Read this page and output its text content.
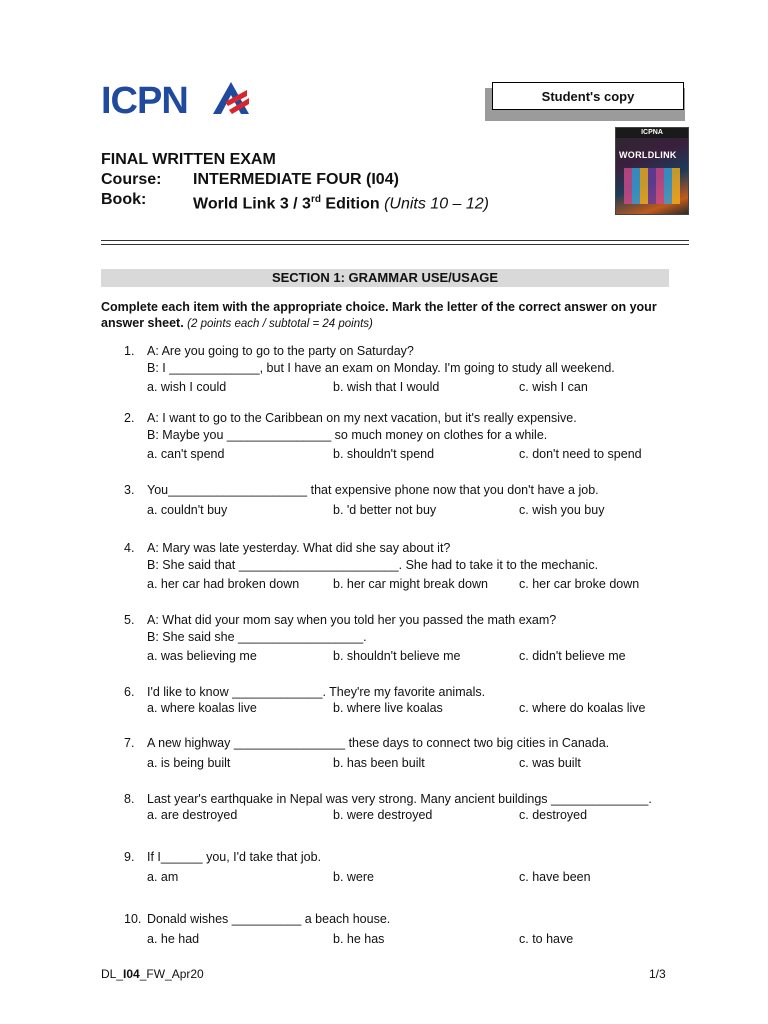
ICPN	Student's copy
ICPNA
WORLDLINK
FINAL WRITTEN EXAM
Course:	INTERMEDIATE FOUR (I04)
Book:	World Link 3 / 3rd Edition (Units 10 – 12)
SECTION 1: GRAMMAR USE/USAGE
Complete each item with the appropriate choice. Mark the letter of the correct answer on your answer sheet. (2 points each / subtotal = 24 points)
1. A: Are you going to go to the party on Saturday?
B: I _____________, but I have an exam on Monday. I'm going to study all weekend.
a. wish I could	b. wish that I would	c. wish I can
2. A: I want to go to the Caribbean on my next vacation, but it's really expensive.
B: Maybe you _______________ so much money on clothes for a while.
a. can't spend	b. shouldn't spend	c. don't need to spend
3. You____________________ that expensive phone now that you don't have a job.
a. couldn't buy	b. 'd better not buy	c. wish you buy
4. A: Mary was late yesterday. What did she say about it?
B: She said that _______________________. She had to take it to the mechanic.
a. her car had broken down	b. her car might break down c. her car broke down
5. A: What did your mom say when you told her you passed the math exam?
B: She said she __________________.
a. was believing me	b. shouldn't believe me	c. didn't believe me
6. I'd like to know _____________. They're my favorite animals.
a. where koalas live	b. where live koalas	c. where do koalas live
7. A new highway ________________ these days to connect two big cities in Canada.
a. is being built	b. has been built	c. was built
8. Last year's earthquake in Nepal was very strong. Many ancient buildings ______________.
a. are destroyed	b. were destroyed	c. destroyed
9. If I______ you, I'd take that job.
a. am	b. were	c. have been
10. Donald wishes __________ a beach house.
a. he had	b. he has	c. to have
DL_I04_FW_Apr20	1/3
